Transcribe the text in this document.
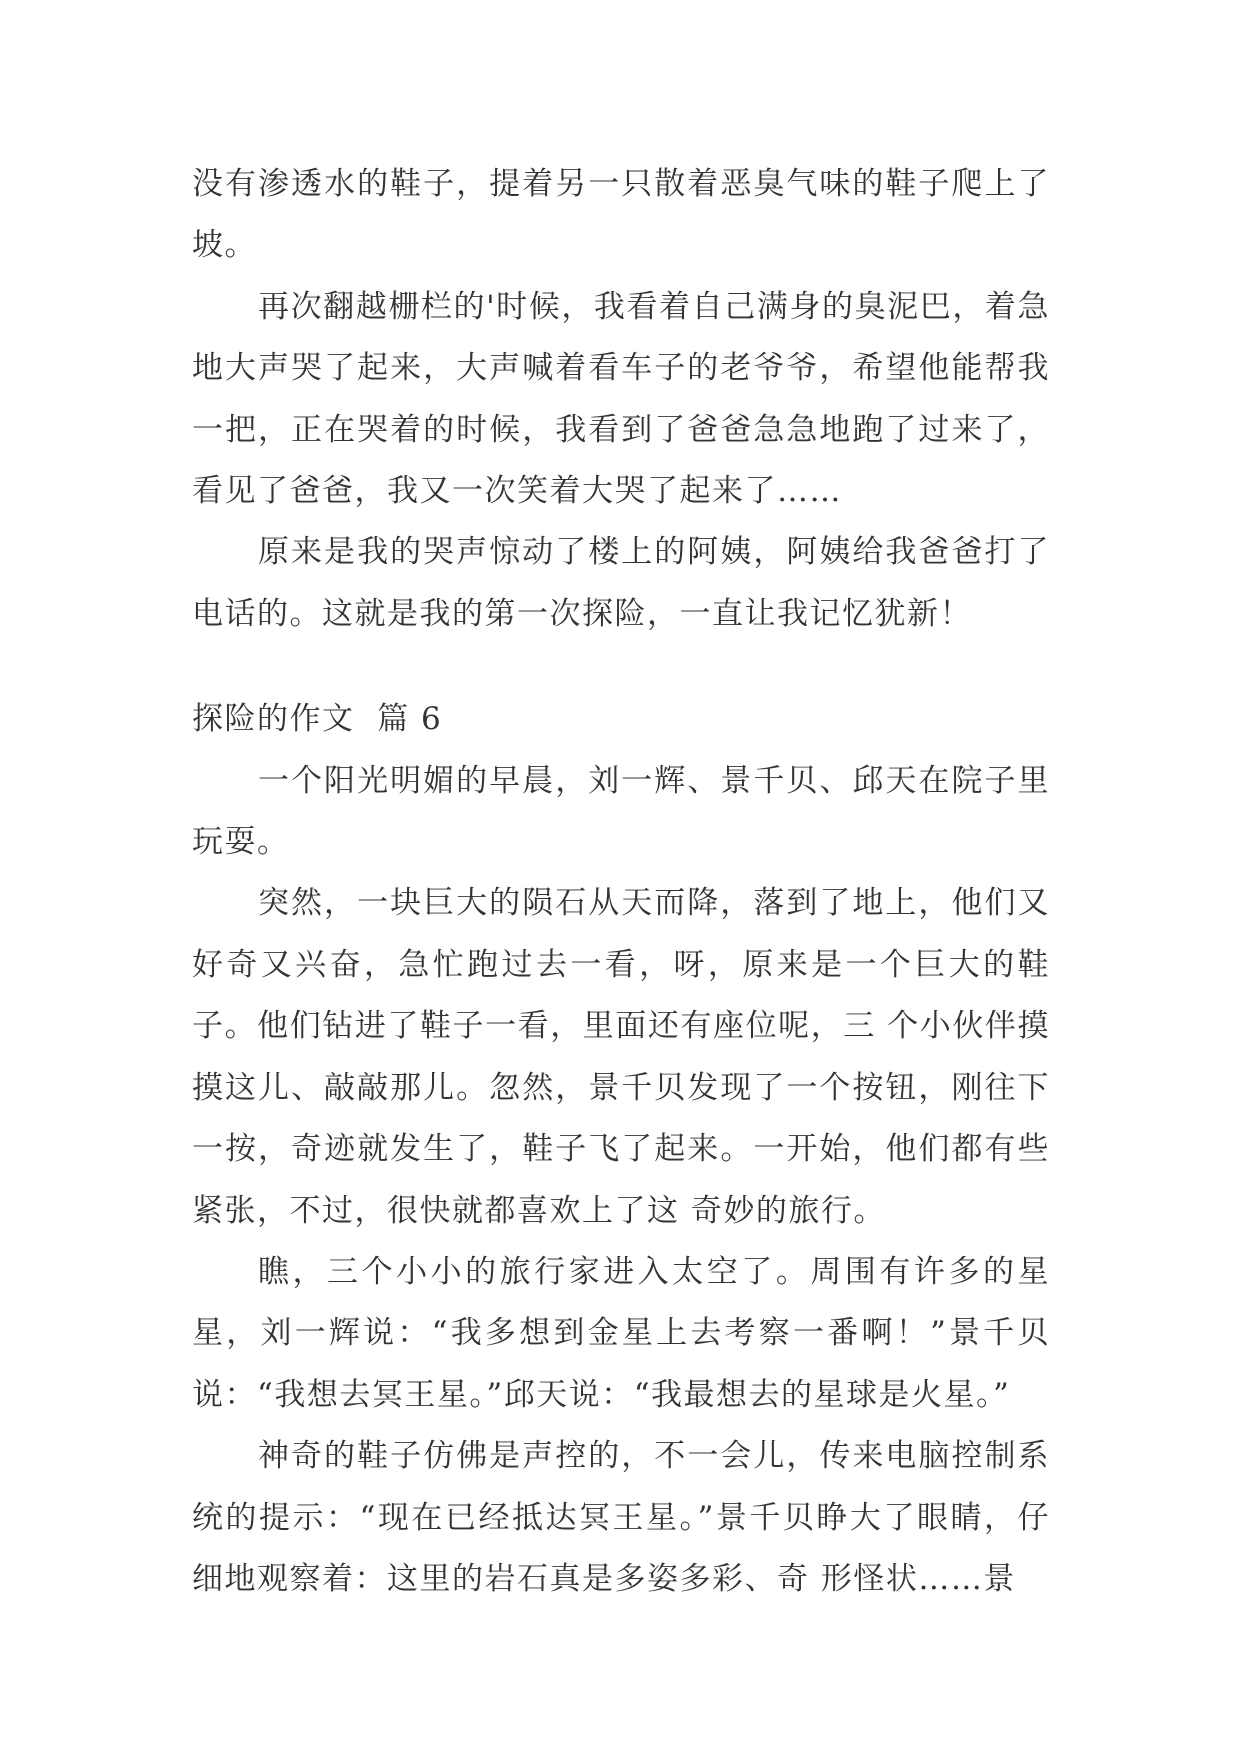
没有渗透水的鞋子，提着另一只散着恶臭气味的鞋子爬上了坡。

再次翻越栅栏的'时候，我看着自己满身的臭泥巴，着急地大声哭了起来，大声喊着看车子的老爷爷，希望他能帮我一把，正在哭着的时候，我看到了爸爸急急地跑了过来了，看见了爸爸，我又一次笑着大哭了起来了……

原来是我的哭声惊动了楼上的阿姨，阿姨给我爸爸打了电话的。这就是我的第一次探险，一直让我记忆犹新！

探险的作文  篇 6

一个阳光明媚的早晨，刘一辉、景千贝、邱天在院子里玩耍。

突然，一块巨大的陨石从天而降，落到了地上，他们又好奇又兴奋，急忙跑过去一看，呀，原来是一个巨大的鞋子。他们钻进了鞋子一看，里面还有座位呢，三 个小伙伴摸摸这儿、敲敲那儿。忽然，景千贝发现了一个按钮，刚往下一按，奇迹就发生了，鞋子飞了起来。一开始，他们都有些紧张，不过，很快就都喜欢上了这 奇妙的旅行。

瞧，三个小小的旅行家进入太空了。周围有许多的星星，刘一辉说：“我多想到金星上去考察一番啊！”景千贝说：“我想去冥王星。”邱天说：“我最想去的星球是火星。”

神奇的鞋子仿佛是声控的，不一会儿，传来电脑控制系统的提示：“现在已经抵达冥王星。”景千贝睁大了眼睛，仔细地观察着：这里的岩石真是多姿多彩、奇 形怪状……景
